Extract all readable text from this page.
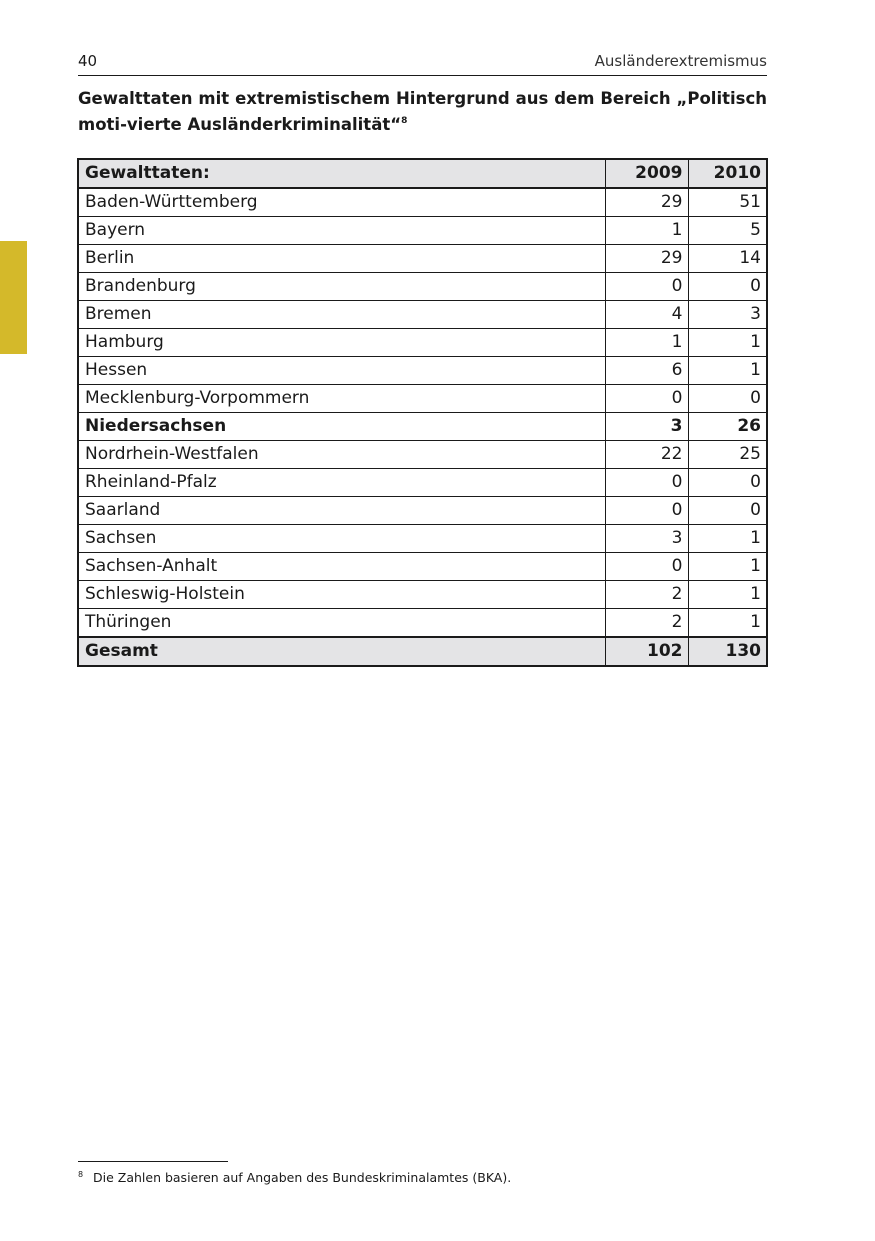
40	Ausländerextremismus

Gewalttaten mit extremistischem Hintergrund aus dem Bereich „Politisch moti-vierte Ausländerkriminalität“$^8$

Gewalttaten:	2009	2010
Baden-Württemberg	29	51
Bayern	1	5
Berlin	29	14
Brandenburg	0	0
Bremen	4	3
Hamburg	1	1
Hessen	6	1
Mecklenburg-Vorpommern	0	0
Niedersachsen	3	26
Nordrhein-Westfalen	22	25
Rheinland-Pfalz	0	0
Saarland	0	0
Sachsen	3	1
Sachsen-Anhalt	0	1
Schleswig-Holstein	2	1
Thüringen	2	1
Gesamt	102	130
8 Die Zahlen basieren auf Angaben des Bundeskriminalamtes (BKA).
